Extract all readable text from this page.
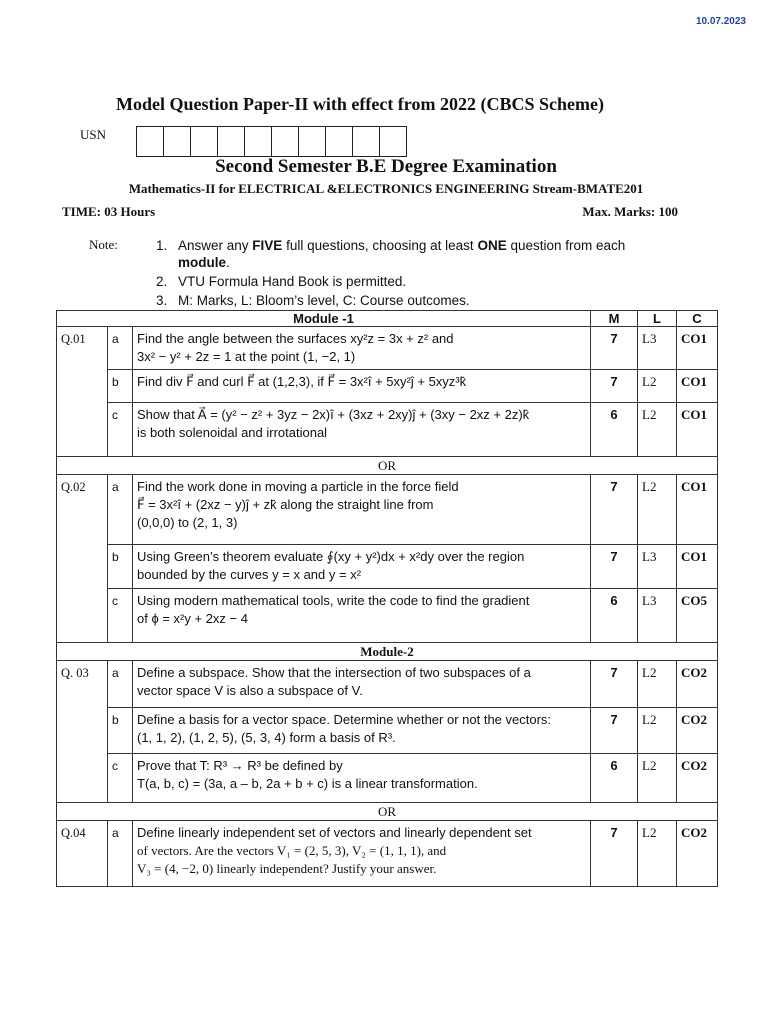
10.07.2023
Model Question Paper-II with effect from 2022 (CBCS Scheme)
USN
Second Semester B.E Degree Examination
Mathematics-II for ELECTRICAL &ELECTRONICS ENGINEERING Stream-BMATE201
TIME: 03 Hours	Max. Marks: 100
Note:	1. Answer any FIVE full questions, choosing at least ONE question from each module.
2. VTU Formula Hand Book is permitted.
3. M: Marks, L: Bloom’s level, C: Course outcomes.
Module -1			M	L	C
Q.01	a	Find the angle between the surfaces xy²z = 3x + z² and
3x² − y² + 2z = 1 at the point (1, −2, 1)	7	L3	CO1
	b	Find div F⃗ and curl F⃗ at (1,2,3), if F⃗ = 3x²î + 5xy²ĵ + 5xyz³k̂	7	L2	CO1
	c	Show that A⃗ = (y² − z² + 3yz − 2x)î + (3xz + 2xy)ĵ + (3xy − 2xz + 2z)k̂
is both solenoidal and irrotational	6	L2	CO1
OR					
Q.02	a	Find the work done in moving a particle in the force field
F⃗ = 3x²î + (2xz − y)ĵ + zk̂ along the straight line from
(0,0,0) to (2, 1, 3)	7	L2	CO1
	b	Using Green’s theorem evaluate ∮(xy + y²)dx + x²dy over the region
bounded by the curves y = x and y = x²	7	L3	CO1
	c	Using modern mathematical tools, write the code to find the gradient
of ϕ = x²y + 2xz − 4	6	L3	CO5
Module-2					
Q. 03	a	Define a subspace. Show that the intersection of two subspaces of a
vector space V is also a subspace of V.	7	L2	CO2
	b	Define a basis for a vector space. Determine whether or not the vectors:
(1, 1, 2), (1, 2, 5), (5, 3, 4) form a basis of R³.	7	L2	CO2
	c	Prove that T: R³ → R³ be defined by
T(a, b, c) = (3a, a – b, 2a + b + c) is a linear transformation.	6	L2	CO2
OR					
Q.04	a	Define linearly independent set of vectors and linearly dependent set
of vectors. Are the vectors V₁ = (2, 5, 3), V₂ = (1, 1, 1), and
V₃ = (4, −2, 0) linearly independent? Justify your answer.	7	L2	CO2
